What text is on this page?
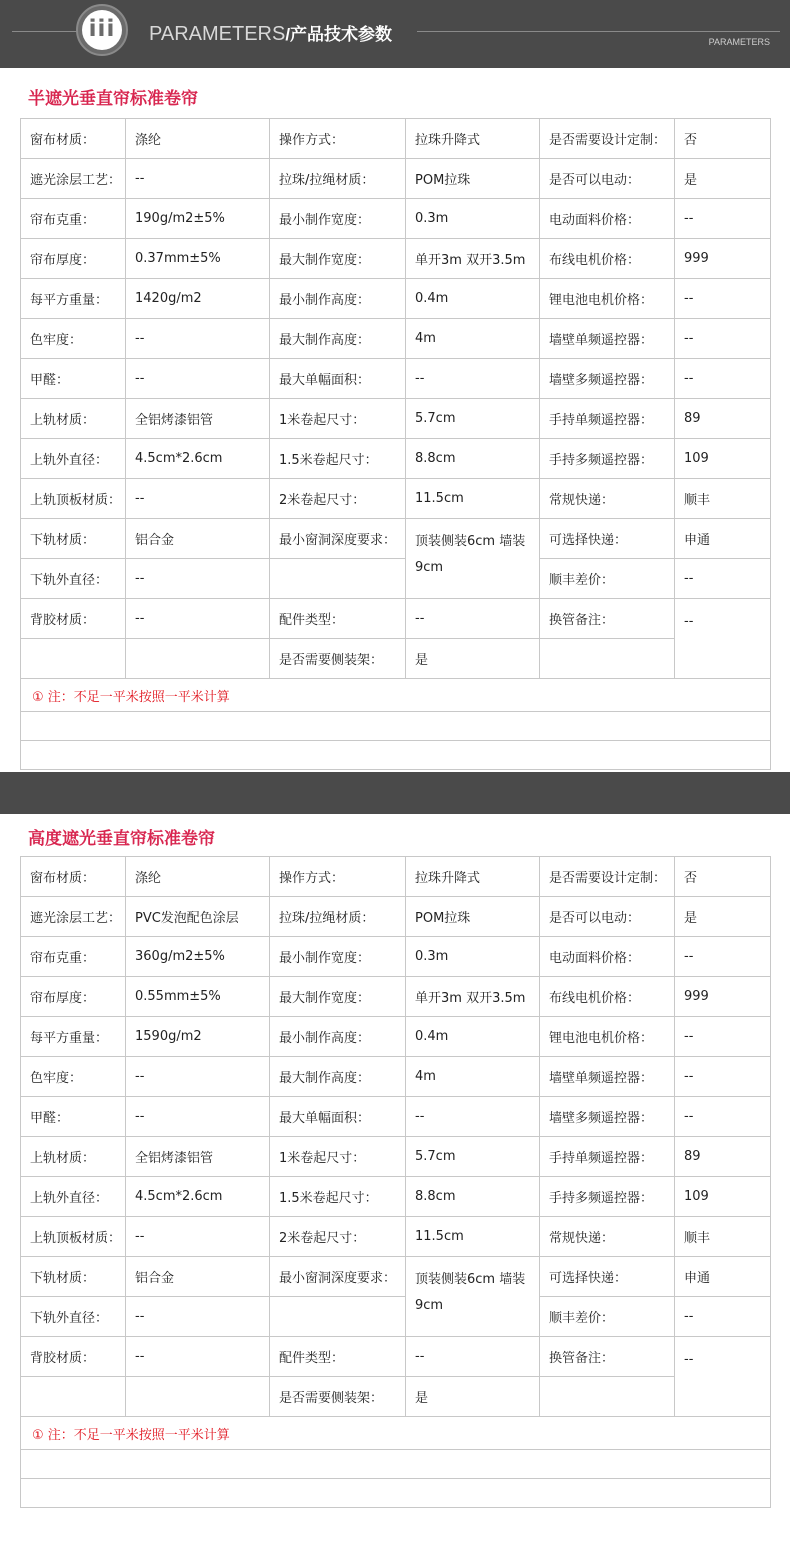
iii	PARAMETERS/产品技术参数	PARAMETERS
半遮光垂直帘标准卷帘
窗布材质：	涤纶	操作方式：	拉珠升降式	是否需要设计定制：	否
遮光涂层工艺：	--	拉珠/拉绳材质：	POM拉珠	是否可以电动：	是
帘布克重：	190g/m2±5%	最小制作宽度：	0.3m	电动面料价格：	--
帘布厚度：	0.37mm±5%	最大制作宽度：	单开3m 双开3.5m	布线电机价格：	999
每平方重量：	1420g/m2	最小制作高度：	0.4m	锂电池电机价格：	--
色牢度：	--	最大制作高度：	4m	墙壁单频遥控器：	--
甲醛：	--	最大单幅面积：	--	墙壁多频遥控器：	--
上轨材质：	全铝烤漆铝管	1米卷起尺寸：	5.7cm	手持单频遥控器：	89
上轨外直径：	4.5cm*2.6cm	1.5米卷起尺寸：	8.8cm	手持多频遥控器：	109
上轨顶板材质：	--	2米卷起尺寸：	11.5cm	常规快递：	顺丰
下轨材质：	铝合金	最小窗洞深度要求：	顶装侧装6cm 墙装9cm	可选择快递：	申通
下轨外直径：	--			顺丰差价：	--
背胶材质：	--	配件类型：	--	换管备注：	--
		是否需要侧装架：	是		
① 注：不足一平米按照一平米计算					

高度遮光垂直帘标准卷帘
窗布材质：	涤纶	操作方式：	拉珠升降式	是否需要设计定制：	否
遮光涂层工艺：	PVC发泡配色涂层	拉珠/拉绳材质：	POM拉珠	是否可以电动：	是
帘布克重：	360g/m2±5%	最小制作宽度：	0.3m	电动面料价格：	--
帘布厚度：	0.55mm±5%	最大制作宽度：	单开3m 双开3.5m	布线电机价格：	999
每平方重量：	1590g/m2	最小制作高度：	0.4m	锂电池电机价格：	--
色牢度：	--	最大制作高度：	4m	墙壁单频遥控器：	--
甲醛：	--	最大单幅面积：	--	墙壁多频遥控器：	--
上轨材质：	全铝烤漆铝管	1米卷起尺寸：	5.7cm	手持单频遥控器：	89
上轨外直径：	4.5cm*2.6cm	1.5米卷起尺寸：	8.8cm	手持多频遥控器：	109
上轨顶板材质：	--	2米卷起尺寸：	11.5cm	常规快递：	顺丰
下轨材质：	铝合金	最小窗洞深度要求：	顶装侧装6cm 墙装9cm	可选择快递：	申通
下轨外直径：	--			顺丰差价：	--
背胶材质：	--	配件类型：	--	换管备注：	--
		是否需要侧装架：	是		
① 注：不足一平米按照一平米计算					
